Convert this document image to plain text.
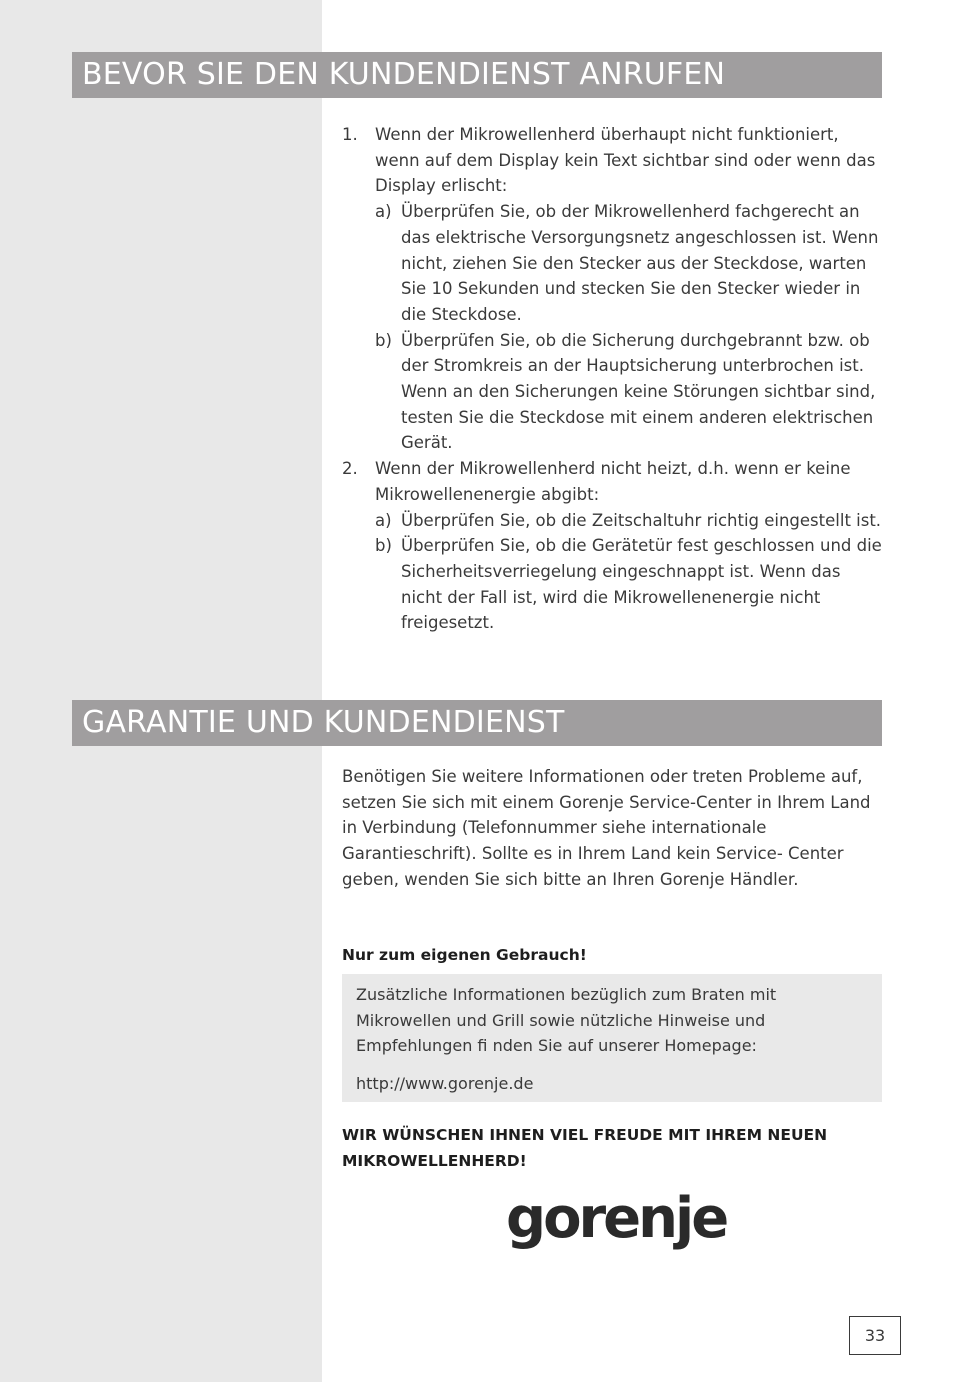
BEVOR SIE DEN KUNDENDIENST ANRUFEN
1. Wenn der Mikrowellenherd überhaupt nicht funktioniert, wenn auf dem Display kein Text sichtbar sind oder wenn das Display erlischt:
a) Überprüfen Sie, ob der Mikrowellenherd fachgerecht an das elektrische Versorgungsnetz angeschlossen ist. Wenn nicht, ziehen Sie den Stecker aus der Steckdose, warten Sie 10 Sekunden und stecken Sie den Stecker wieder in die Steckdose.
b) Überprüfen Sie, ob die Sicherung durchgebrannt bzw. ob der Stromkreis an der Hauptsicherung unterbrochen ist. Wenn an den Sicherungen keine Störungen sichtbar sind, testen Sie die Steckdose mit einem anderen elektrischen Gerät.
2. Wenn der Mikrowellenherd nicht heizt, d.h. wenn er keine Mikrowellenenergie abgibt:
a) Überprüfen Sie, ob die Zeitschaltuhr richtig eingestellt ist.
b) Überprüfen Sie, ob die Gerätetür fest geschlossen und die Sicherheitsverriegelung eingeschnappt ist. Wenn das nicht der Fall ist, wird die Mikrowellenenergie nicht freigesetzt.
GARANTIE UND KUNDENDIENST

Benötigen Sie weitere Informationen oder treten Probleme auf, setzen Sie sich mit einem Gorenje Service-Center in Ihrem Land in Verbindung (Telefonnummer siehe internationale Garantieschrift). Sollte es in Ihrem Land kein Service- Center geben, wenden Sie sich bitte an Ihren Gorenje Händler.

Nur zum eigenen Gebrauch!

Zusätzliche Informationen bezüglich zum Braten mit Mikrowellen und Grill sowie nützliche Hinweise und Empfehlungen fi nden Sie auf unserer Homepage:

http://www.gorenje.de

WIR WÜNSCHEN IHNEN VIEL FREUDE MIT IHREM NEUEN MIKROWELLENHERD!
gorenje
33
